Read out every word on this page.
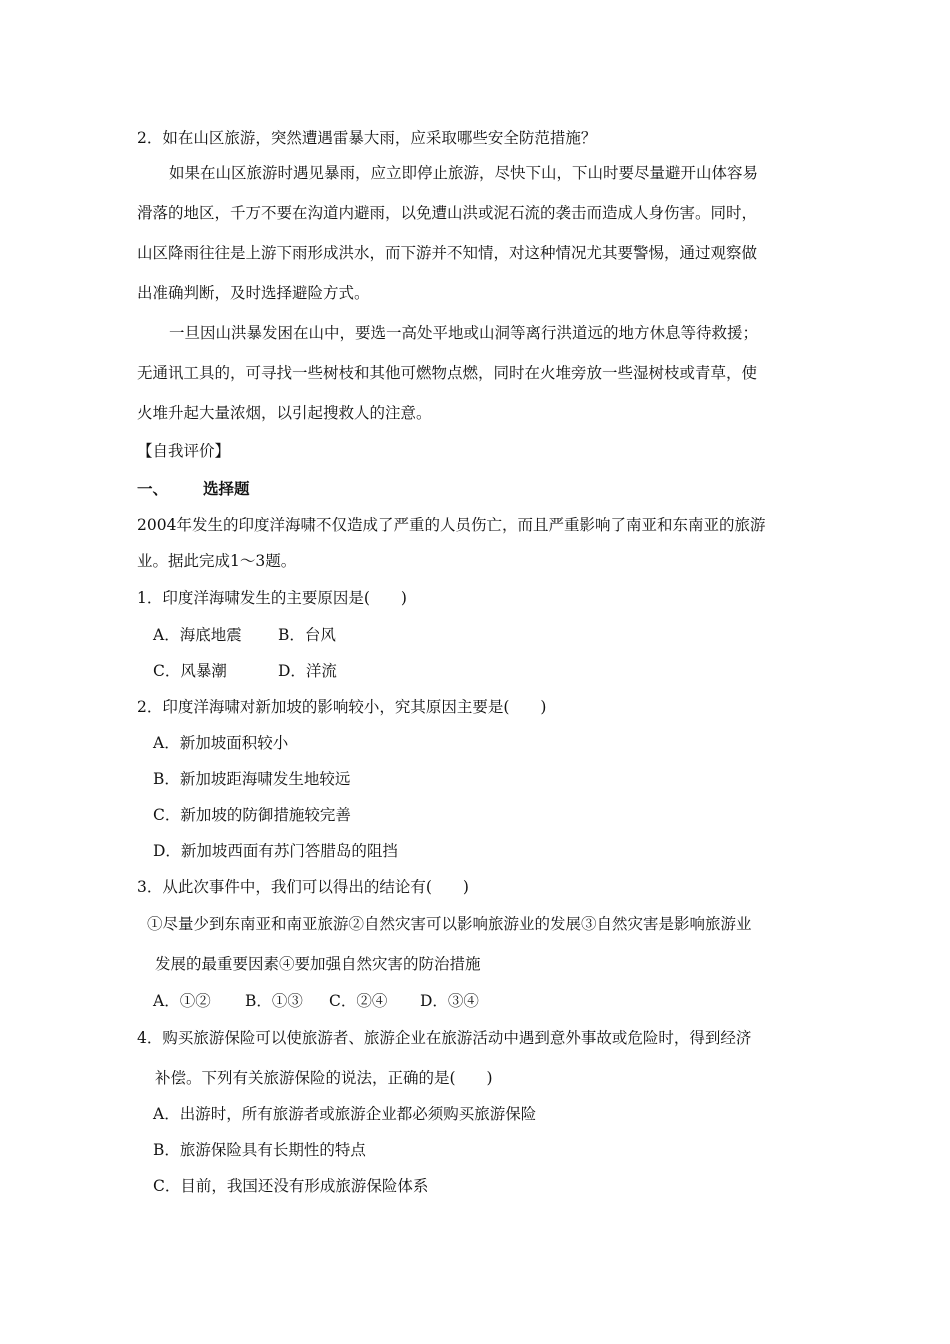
2．如在山区旅游，突然遭遇雷暴大雨，应采取哪些安全防范措施？
如果在山区旅游时遇见暴雨，应立即停止旅游，尽快下山，下山时要尽量避开山体容易
滑落的地区，千万不要在沟道内避雨，以免遭山洪或泥石流的袭击而造成人身伤害。同时，
山区降雨往往是上游下雨形成洪水，而下游并不知情，对这种情况尤其要警惕，通过观察做
出准确判断，及时选择避险方式。
一旦因山洪暴发困在山中，要选一高处平地或山洞等离行洪道远的地方休息等待救援；
无通讯工具的，可寻找一些树枝和其他可燃物点燃，同时在火堆旁放一些湿树枝或青草，使
火堆升起大量浓烟，以引起搜救人的注意。
【自我评价】
一、 选择题
2004年发生的印度洋海啸不仅造成了严重的人员伤亡，而且严重影响了南亚和东南亚的旅游
业。据此完成1～3题。
1．印度洋海啸发生的主要原因是(　　)
A．海底地震 B．台风
C．风暴潮	D．洋流
2．印度洋海啸对新加坡的影响较小，究其原因主要是(　　)
A．新加坡面积较小
B．新加坡距海啸发生地较远
C．新加坡的防御措施较完善
D．新加坡西面有苏门答腊岛的阻挡
3．从此次事件中，我们可以得出的结论有(　　)
①尽量少到东南亚和南亚旅游②自然灾害可以影响旅游业的发展③自然灾害是影响旅游业
发展的最重要因素④要加强自然灾害的防治措施
A．①② B．①③ C．②④ D．③④
4．购买旅游保险可以使旅游者、旅游企业在旅游活动中遇到意外事故或危险时，得到经济
补偿。下列有关旅游保险的说法，正确的是(　　)
A．出游时，所有旅游者或旅游企业都必须购买旅游保险
B．旅游保险具有长期性的特点
C．目前，我国还没有形成旅游保险体系
